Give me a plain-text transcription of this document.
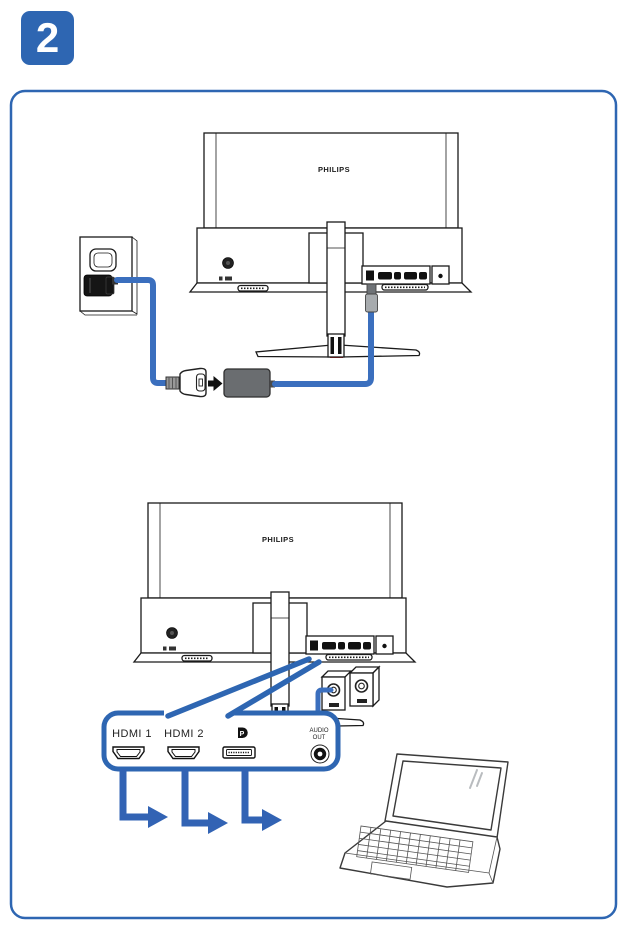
2
PHILIPS
PHILIPS
HDMI 1 HDMI 2	P	AUDIO
OUT
